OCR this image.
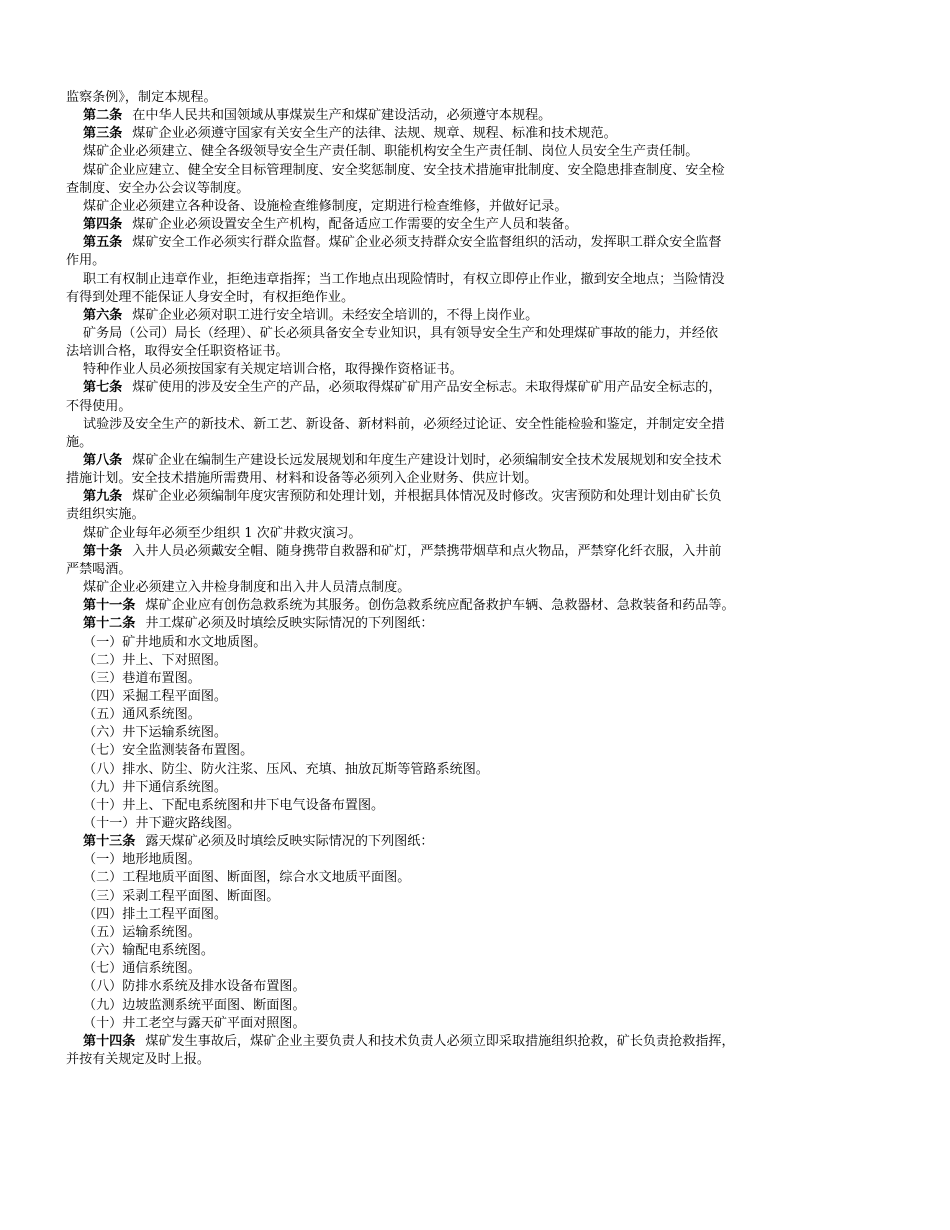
监察条例》，制定本规程。
第二条 在中华人民共和国领域从事煤炭生产和煤矿建设活动，必须遵守本规程。
第三条 煤矿企业必须遵守国家有关安全生产的法律、法规、规章、规程、标准和技术规范。
煤矿企业必须建立、健全各级领导安全生产责任制、职能机构安全生产责任制、岗位人员安全生产责任制。
煤矿企业应建立、健全安全目标管理制度、安全奖惩制度、安全技术措施审批制度、安全隐患排查制度、安全检
查制度、安全办公会议等制度。
煤矿企业必须建立各种设备、设施检查维修制度，定期进行检查维修，并做好记录。
第四条 煤矿企业必须设置安全生产机构，配备适应工作需要的安全生产人员和装备。
第五条 煤矿安全工作必须实行群众监督。煤矿企业必须支持群众安全监督组织的活动，发挥职工群众安全监督
作用。
职工有权制止违章作业，拒绝违章指挥；当工作地点出现险情时，有权立即停止作业，撤到安全地点；当险情没
有得到处理不能保证人身安全时，有权拒绝作业。
第六条 煤矿企业必须对职工进行安全培训。未经安全培训的，不得上岗作业。
矿务局（公司）局长（经理）、矿长必须具备安全专业知识，具有领导安全生产和处理煤矿事故的能力，并经依
法培训合格，取得安全任职资格证书。
特种作业人员必须按国家有关规定培训合格，取得操作资格证书。
第七条 煤矿使用的涉及安全生产的产品，必须取得煤矿矿用产品安全标志。未取得煤矿矿用产品安全标志的，
不得使用。
试验涉及安全生产的新技术、新工艺、新设备、新材料前，必须经过论证、安全性能检验和鉴定，并制定安全措
施。
第八条 煤矿企业在编制生产建设长远发展规划和年度生产建设计划时，必须编制安全技术发展规划和安全技术
措施计划。安全技术措施所需费用、材料和设备等必须列入企业财务、供应计划。
第九条 煤矿企业必须编制年度灾害预防和处理计划，并根据具体情况及时修改。灾害预防和处理计划由矿长负
责组织实施。
煤矿企业每年必须至少组织 1 次矿井救灾演习。
第十条 入井人员必须戴安全帽、随身携带自救器和矿灯，严禁携带烟草和点火物品，严禁穿化纤衣服，入井前
严禁喝酒。
煤矿企业必须建立入井检身制度和出入井人员清点制度。
第十一条 煤矿企业应有创伤急救系统为其服务。创伤急救系统应配备救护车辆、急救器材、急救装备和药品等。
第十二条 井工煤矿必须及时填绘反映实际情况的下列图纸：
（一）矿井地质和水文地质图。
（二）井上、下对照图。
（三）巷道布置图。
（四）采掘工程平面图。
（五）通风系统图。
（六）井下运输系统图。
（七）安全监测装备布置图。
（八）排水、防尘、防火注浆、压风、充填、抽放瓦斯等管路系统图。
（九）井下通信系统图。
（十）井上、下配电系统图和井下电气设备布置图。
（十一）井下避灾路线图。
第十三条 露天煤矿必须及时填绘反映实际情况的下列图纸：
（一）地形地质图。
（二）工程地质平面图、断面图，综合水文地质平面图。
（三）采剥工程平面图、断面图。
（四）排土工程平面图。
（五）运输系统图。
（六）输配电系统图。
（七）通信系统图。
（八）防排水系统及排水设备布置图。
（九）边坡监测系统平面图、断面图。
（十）井工老空与露天矿平面对照图。
第十四条 煤矿发生事故后，煤矿企业主要负责人和技术负责人必须立即采取措施组织抢救，矿长负责抢救指挥，
并按有关规定及时上报。
